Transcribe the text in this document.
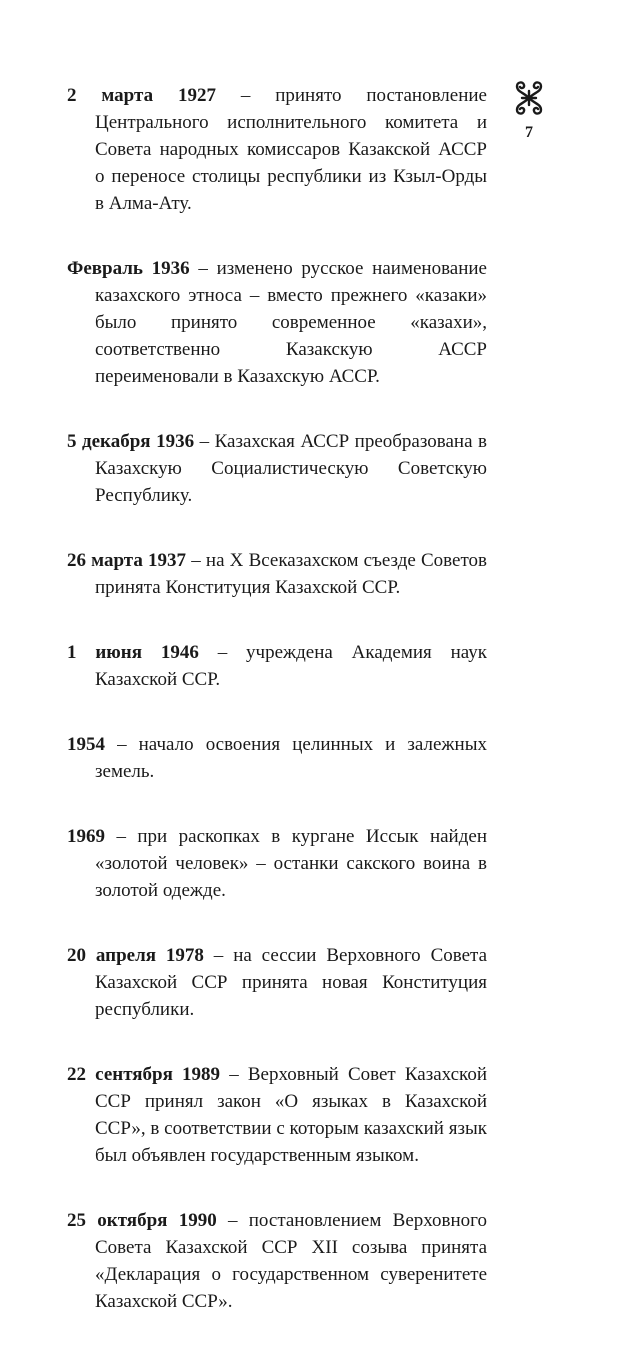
7

2 марта 1927 – принято постановление Центрального исполнительного комитета и Совета народных комиссаров Казакской АССР о переносе столицы республики из Кзыл-Орды в Алма-Ату.

Февраль 1936 – изменено русское наименование казахского этноса – вместо прежнего «казаки» было принято современное «казахи», соответственно Казакскую АССР переименовали в Казахскую АССР.

5 декабря 1936 – Казахская АССР преобразована в Казахскую Социалистическую Советскую Республику.

26 марта 1937 – на Х Всеказахском съезде Советов принята Конституция Казахской ССР.

1 июня 1946 – учреждена Академия наук Казахской ССР.

1954 – начало освоения целинных и залежных земель.

1969 – при раскопках в кургане Иссык найден «золотой человек» – останки сакского воина в золотой одежде.

20 апреля 1978 – на сессии Верховного Совета Казахской ССР принята новая Конституция республики.

22 сентября 1989 – Верховный Совет Казахской ССР принял закон «О языках в Казахской ССР», в соответствии с которым казахский язык был объявлен государственным языком.

25 октября 1990 – постановлением Верховного Совета Казахской ССР XII созыва принята «Декларация о государственном суверенитете Казахской ССР».
